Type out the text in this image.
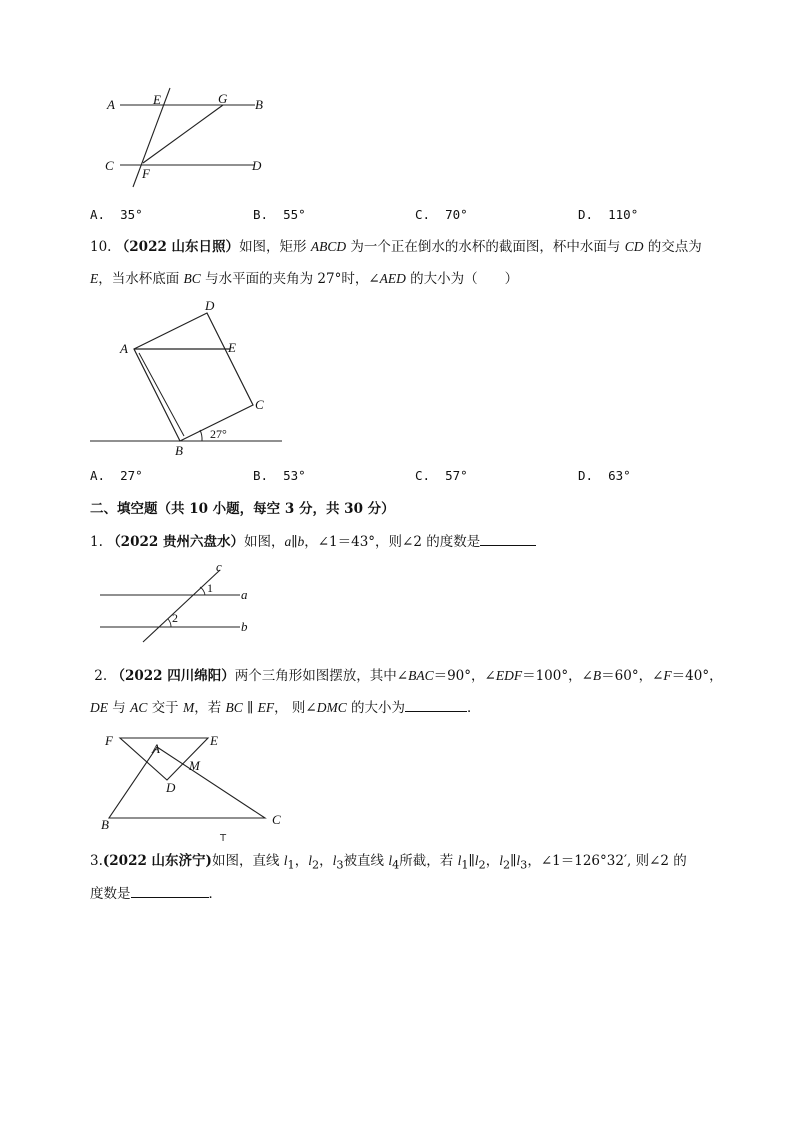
A	E	G B
C
F
D
A. 35°	B. 55°	C. 70°	D. 110°
10. （2022 山东日照）如图，矩形 ABCD 为一个正在倒水的水杯的截面图，杯中水面与 CD 的交点为
E，当水杯底面 BC 与水平面的夹角为 27°时，∠AED 的大小为（　　）
A
D
E
C
B
27°
A. 27°	B. 53°	C. 57°	D. 63°
二、填空题（共 10 小题，每空 3 分，共 30 分）
1. （2022 贵州六盘水）如图，a∥b，∠1＝43°，则∠2 的度数是
c
1 a
2
b
2. （2022 四川绵阳）两个三角形如图摆放，其中∠BAC＝90°，∠EDF＝100°，∠B＝60°，∠F＝40°，
DE 与 AC 交于 M，若 BC ∥ EF， 则∠DMC 的大小为	．
F
A
E
M
D
B	C
T
3.(2022 山东济宁)如图，直线 $l_1$，$l_2$，$l_3$被直线 $l_4$所截，若 $l_1\parallel l_2$，$l_2\parallel l_3$，∠1＝126°32′, 则∠2 的
度数是	．
